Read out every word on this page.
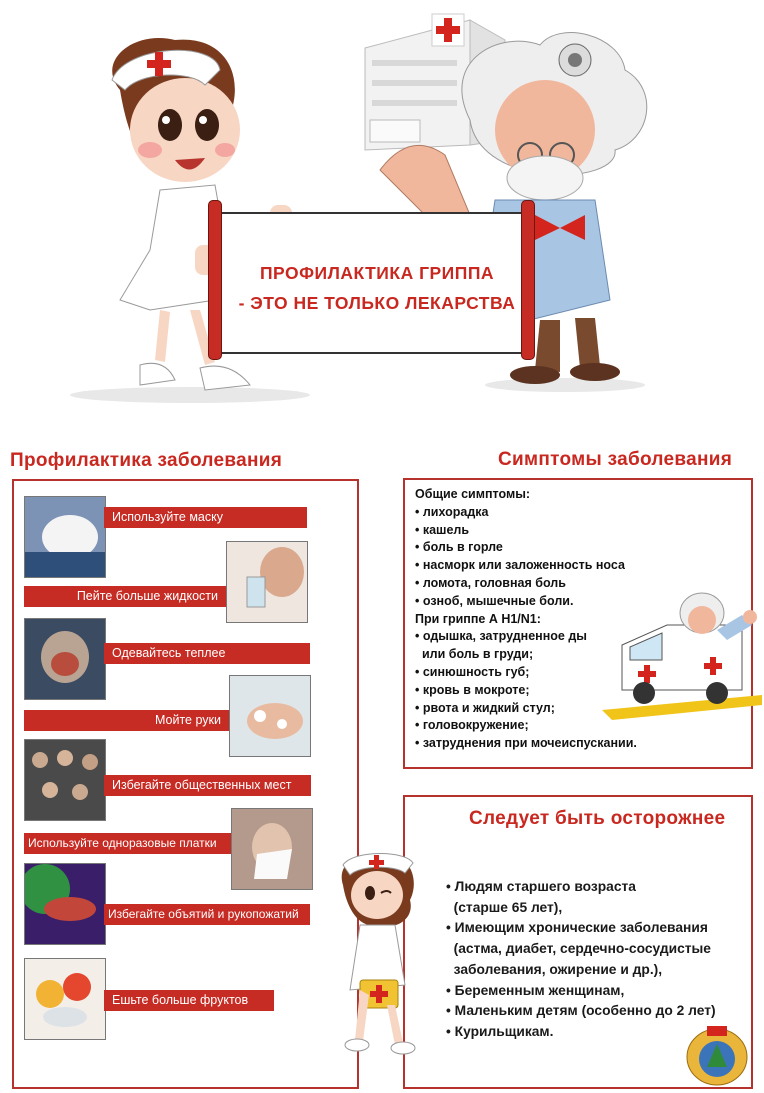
ПРОФИЛАКТИКА ГРИППА
- ЭТО НЕ ТОЛЬКО ЛЕКАРСТВА
Профилактика заболевания
Используйте маску
Пейте больше жидкости
Одевайтесь теплее
Мойте руки
Избегайте общественных мест
Используйте одноразовые платки
Избегайте объятий и рукопожатий
Ешьте больше фруктов
Симптомы заболевания
Общие симптомы:
• лихорадка
• кашель
• боль в горле
• насморк или заложенность носа
• ломота, головная боль
• озноб, мышечные боли.
При гриппе А H1/N1:
• одышка, затрудненное ды
или боль в груди;
• синюшность губ;
• кровь в мокроте;
• рвота и жидкий стул;
• головокружение;
• затруднения при мочеиспускании.
Следует быть осторожнее
• Людям старшего возраста
(старше 65 лет),
• Имеющим хронические заболевания
(астма, диабет, сердечно-сосудистые
заболевания, ожирение и др.),
• Беременным женщинам,
• Маленьким детям (особенно до 2 лет)
• Курильщикам.
